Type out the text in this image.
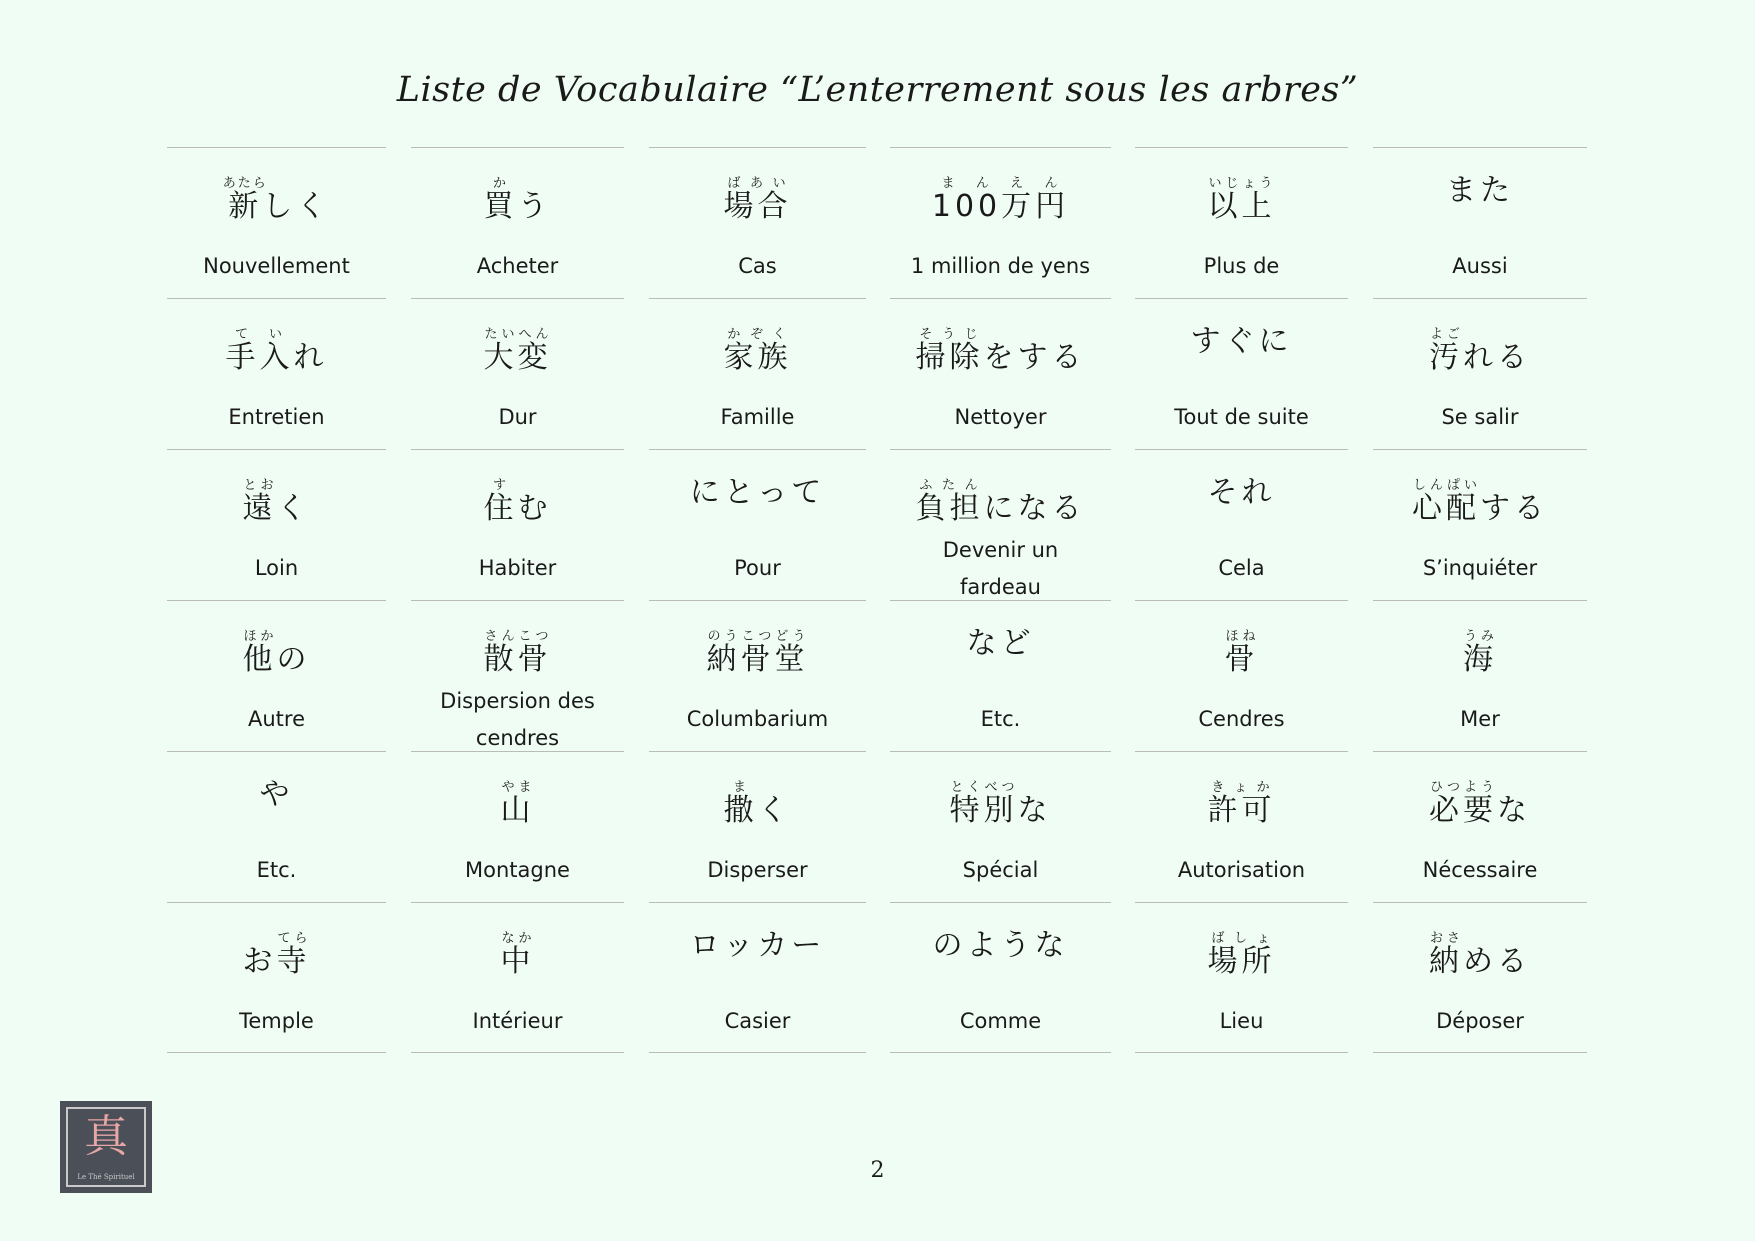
Liste de Vocabulaire “L’enterrement sous les arbres”
新あたらしく
Nouvellement
買かう
Acheter
場合ばあい
Cas
100万円まんえん
1 million de yens
以上いじょう
Plus de
また
Aussi
手入ていれ
Entretien
大変たいへん
Dur
家族かぞく
Famille
掃除そうじをする
Nettoyer
すぐに
Tout de suite
汚よごれる
Se salir
遠とおく
Loin
住すむ
Habiter
にとって
Pour
負担ふたんになる
Devenir un
fardeau
それ
Cela
心配しんぱいする
S’inquiéter
他ほかの
Autre
散骨さんこつ
Dispersion des
cendres
納骨堂のうこつどう
Columbarium
など
Etc.
骨ほね
Cendres
海うみ
Mer
や
Etc.
山やま
Montagne
撒まく
Disperser
特別とくべつな
Spécial
許可きょか
Autorisation
必要ひつような
Nécessaire
お寺てら
Temple
中なか
Intérieur
ロッカー
Casier
のような
Comme
場所ばしょ
Lieu
納おさめる
Déposer
真
Le Thé Spirituel	2
